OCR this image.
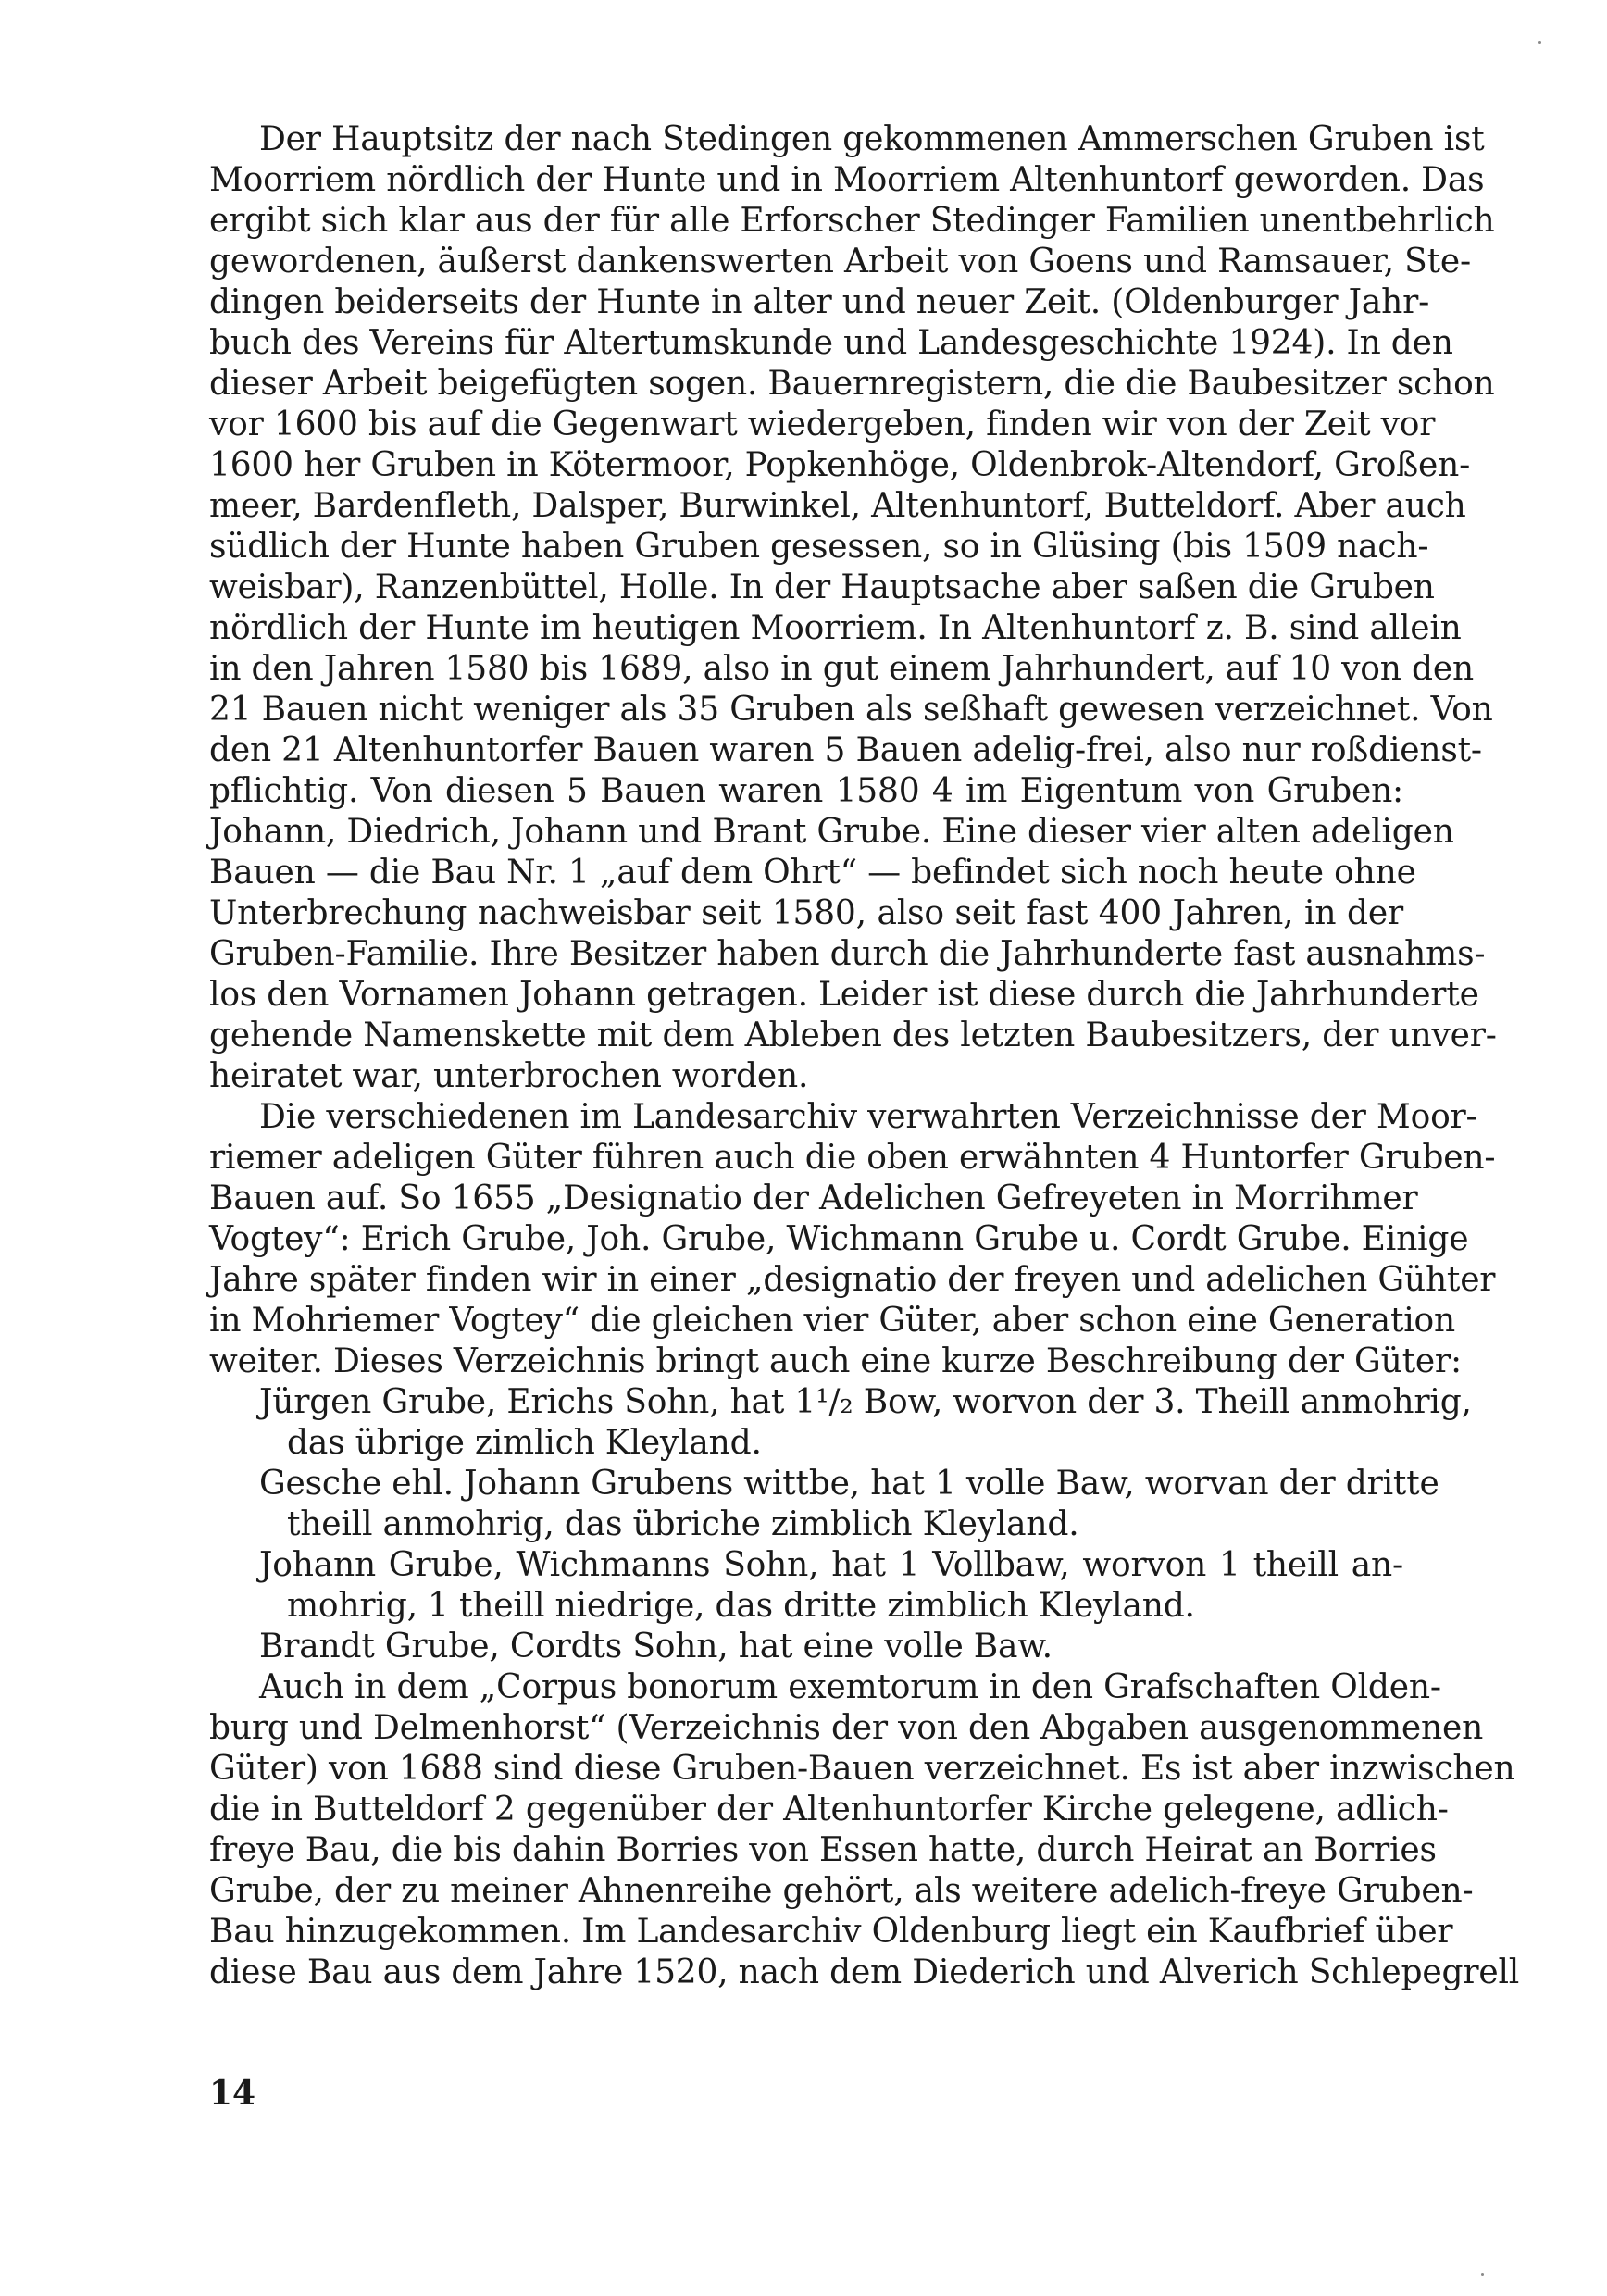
Der Hauptsitz der nach Stedingen gekommenen Ammerschen Gruben ist
Moorriem nördlich der Hunte und in Moorriem Altenhuntorf geworden. Das
ergibt sich klar aus der für alle Erforscher Stedinger Familien unentbehrlich
gewordenen, äußerst dankenswerten Arbeit von Goens und Ramsauer, Ste-
dingen beiderseits der Hunte in alter und neuer Zeit. (Oldenburger Jahr-
buch des Vereins für Altertumskunde und Landesgeschichte 1924). In den
dieser Arbeit beigefügten sogen. Bauernregistern, die die Baubesitzer schon
vor 1600 bis auf die Gegenwart wiedergeben, finden wir von der Zeit vor
1600 her Gruben in Kötermoor, Popkenhöge, Oldenbrok-Altendorf, Großen-
meer, Bardenfleth, Dalsper, Burwinkel, Altenhuntorf, Butteldorf. Aber auch
südlich der Hunte haben Gruben gesessen, so in Glüsing (bis 1509 nach-
weisbar), Ranzenbüttel, Holle. In der Hauptsache aber saßen die Gruben
nördlich der Hunte im heutigen Moorriem. In Altenhuntorf z. B. sind allein
in den Jahren 1580 bis 1689, also in gut einem Jahrhundert, auf 10 von den
21 Bauen nicht weniger als 35 Gruben als seßhaft gewesen verzeichnet. Von
den 21 Altenhuntorfer Bauen waren 5 Bauen adelig-frei, also nur roßdienst-
pflichtig. Von diesen 5 Bauen waren 1580 4 im Eigentum von Gruben:
Johann, Diedrich, Johann und Brant Grube. Eine dieser vier alten adeligen
Bauen — die Bau Nr. 1 „auf dem Ohrt“ — befindet sich noch heute ohne
Unterbrechung nachweisbar seit 1580, also seit fast 400 Jahren, in der
Gruben-Familie. Ihre Besitzer haben durch die Jahrhunderte fast ausnahms-
los den Vornamen Johann getragen. Leider ist diese durch die Jahrhunderte
gehende Namenskette mit dem Ableben des letzten Baubesitzers, der unver-
heiratet war, unterbrochen worden.
Die verschiedenen im Landesarchiv verwahrten Verzeichnisse der Moor-
riemer adeligen Güter führen auch die oben erwähnten 4 Huntorfer Gruben-
Bauen auf. So 1655 „Designatio der Adelichen Gefreyeten in Morrihmer
Vogtey“: Erich Grube, Joh. Grube, Wichmann Grube u. Cordt Grube. Einige
Jahre später finden wir in einer „designatio der freyen und adelichen Gühter
in Mohriemer Vogtey“ die gleichen vier Güter, aber schon eine Generation
weiter. Dieses Verzeichnis bringt auch eine kurze Beschreibung der Güter:
Jürgen Grube, Erichs Sohn, hat 1¹/₂ Bow, worvon der 3. Theill anmohrig,
das übrige zimlich Kleyland.
Gesche ehl. Johann Grubens wittbe, hat 1 volle Baw, worvan der dritte
theill anmohrig, das übriche zimblich Kleyland.
Johann Grube, Wichmanns Sohn, hat 1 Vollbaw, worvon 1 theill an-
mohrig, 1 theill niedrige, das dritte zimblich Kleyland.
Brandt Grube, Cordts Sohn, hat eine volle Baw.
Auch in dem „Corpus bonorum exemtorum in den Grafschaften Olden-
burg und Delmenhorst“ (Verzeichnis der von den Abgaben ausgenommenen
Güter) von 1688 sind diese Gruben-Bauen verzeichnet. Es ist aber inzwischen
die in Butteldorf 2 gegenüber der Altenhuntorfer Kirche gelegene, adlich-
freye Bau, die bis dahin Borries von Essen hatte, durch Heirat an Borries
Grube, der zu meiner Ahnenreihe gehört, als weitere adelich-freye Gruben-
Bau hinzugekommen. Im Landesarchiv Oldenburg liegt ein Kaufbrief über
diese Bau aus dem Jahre 1520, nach dem Diederich und Alverich Schlepegrell
14
